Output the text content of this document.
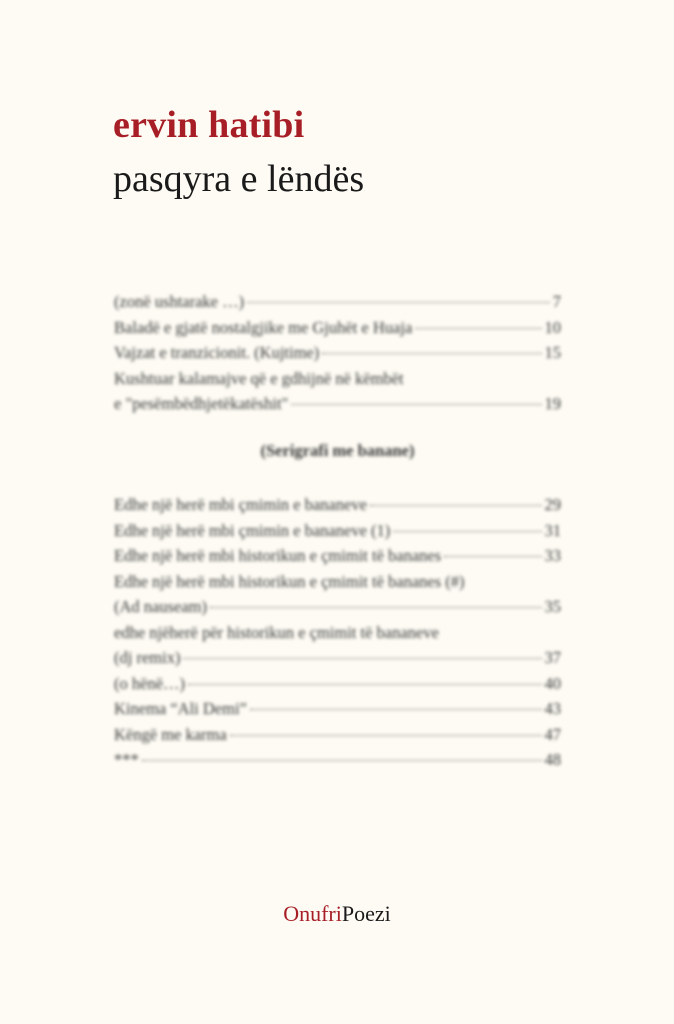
ervin hatibi
pasqyra e lëndës
(zonë ushtarake …)	7
Baladë e gjatë nostalgjike me Gjuhët e Huaja	10
Vajzat e tranzicionit. (Kujtime)	15
Kushtuar kalamajve që e gdhijnë në këmbët
e "pesëmbëdhjetëkatëshit"	19
(Serigrafi me banane)
Edhe një herë mbi çmimin e bananeve	29
Edhe një herë mbi çmimin e bananeve (1)	31
Edhe një herë mbi historikun e çmimit të bananes	33
Edhe një herë mbi historikun e çmimit të bananes (#)
(Ad nauseam)	35
edhe njëherë për historikun e çmimit të bananeve
(dj remix)	37
(o hënë…)	40
Kinema “Ali Demi”	43
Këngë me karma	47
***	48
OnufriPoezi
